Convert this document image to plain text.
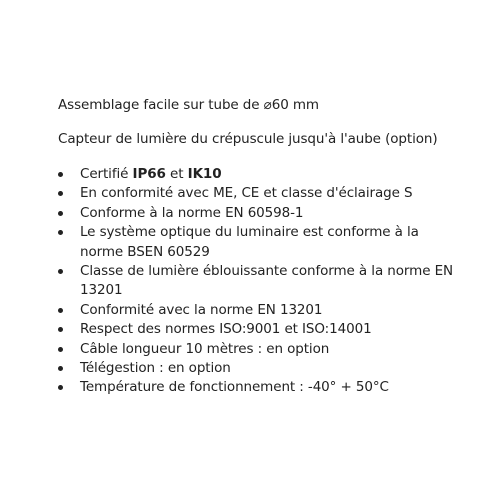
Assemblage facile sur tube de ⌀60 mm

Capteur de lumière du crépuscule jusqu'à l'aube (option)

Certifié IP66 et IK10
En conformité avec ME, CE et classe d'éclairage S
Conforme à la norme EN 60598-1
Le système optique du luminaire est conforme à la norme BSEN 60529
Classe de lumière éblouissante conforme à la norme EN 13201
Conformité avec la norme EN 13201
Respect des normes ISO:9001 et ISO:14001
Câble longueur 10 mètres : en option
Télégestion : en option
Température de fonctionnement : -40° + 50°C
